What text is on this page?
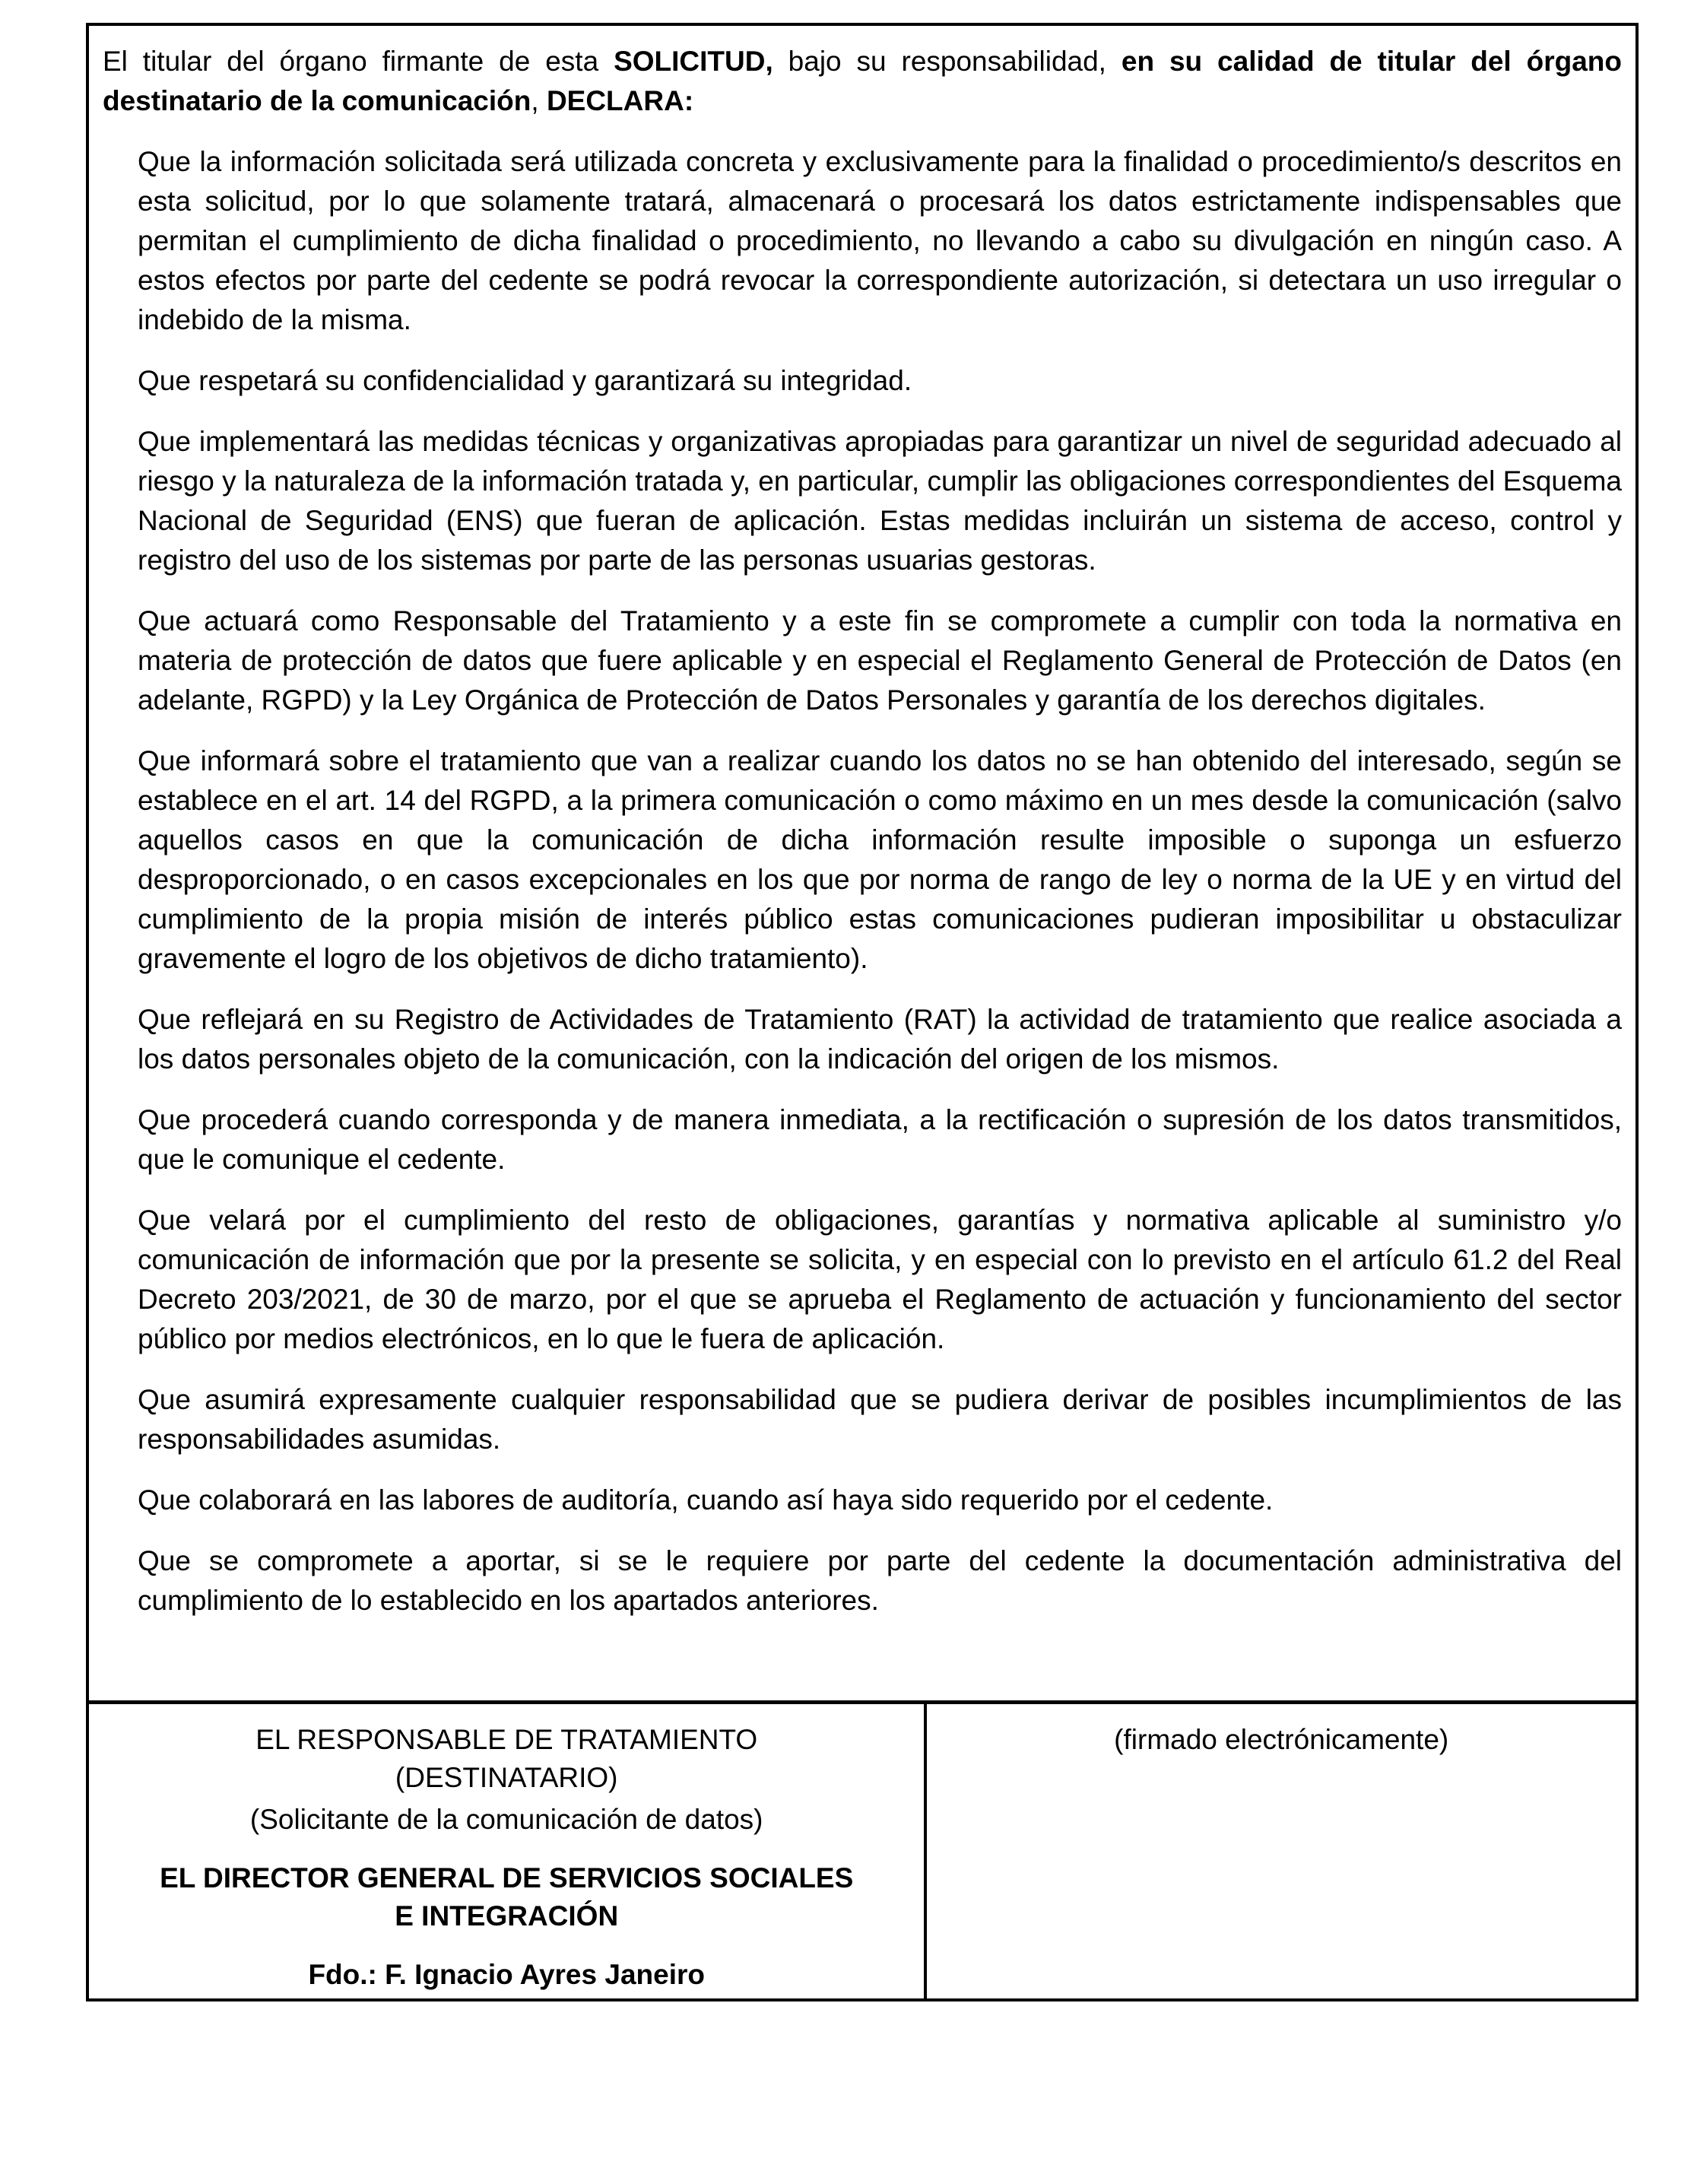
El titular del órgano firmante de esta SOLICITUD, bajo su responsabilidad, en su calidad de titular del órgano destinatario de la comunicación, DECLARA:

Que la información solicitada será utilizada concreta y exclusivamente para la finalidad o procedimiento/s descritos en esta solicitud, por lo que solamente tratará, almacenará o procesará los datos estrictamente indispensables que permitan el cumplimiento de dicha finalidad o procedimiento, no llevando a cabo su divulgación en ningún caso. A estos efectos por parte del cedente se podrá revocar la correspondiente autorización, si detectara un uso irregular o indebido de la misma.

Que respetará su confidencialidad y garantizará su integridad.

Que implementará las medidas técnicas y organizativas apropiadas para garantizar un nivel de seguridad adecuado al riesgo y la naturaleza de la información tratada y, en particular, cumplir las obligaciones correspondientes del Esquema Nacional de Seguridad (ENS) que fueran de aplicación. Estas medidas incluirán un sistema de acceso, control y registro del uso de los sistemas por parte de las personas usuarias gestoras.

Que actuará como Responsable del Tratamiento y a este fin se compromete a cumplir con toda la normativa en materia de protección de datos que fuere aplicable y en especial el Reglamento General de Protección de Datos (en adelante, RGPD) y la Ley Orgánica de Protección de Datos Personales y garantía de los derechos digitales.

Que informará sobre el tratamiento que van a realizar cuando los datos no se han obtenido del interesado, según se establece en el art. 14 del RGPD, a la primera comunicación o como máximo en un mes desde la comunicación (salvo aquellos casos en que la comunicación de dicha información resulte imposible o suponga un esfuerzo desproporcionado, o en casos excepcionales en los que por norma de rango de ley o norma de la UE y en virtud del cumplimiento de la propia misión de interés público estas comunicaciones pudieran imposibilitar u obstaculizar gravemente el logro de los objetivos de dicho tratamiento).

Que reflejará en su Registro de Actividades de Tratamiento (RAT) la actividad de tratamiento que realice asociada a los datos personales objeto de la comunicación, con la indicación del origen de los mismos.

Que procederá cuando corresponda y de manera inmediata, a la rectificación o supresión de los datos transmitidos, que le comunique el cedente.

Que velará por el cumplimiento del resto de obligaciones, garantías y normativa aplicable al suministro y/o comunicación de información que por la presente se solicita, y en especial con lo previsto en el artículo 61.2 del Real Decreto 203/2021, de 30 de marzo, por el que se aprueba el Reglamento de actuación y funcionamiento del sector público por medios electrónicos, en lo que le fuera de aplicación.

Que asumirá expresamente cualquier responsabilidad que se pudiera derivar de posibles incumplimientos de las responsabilidades asumidas.

Que colaborará en las labores de auditoría, cuando así haya sido requerido por el cedente.

Que se compromete a aportar, si se le requiere por parte del cedente la documentación administrativa del cumplimiento de lo establecido en los apartados anteriores.

EL RESPONSABLE DE TRATAMIENTO

(DESTINATARIO)

(Solicitante de la comunicación de datos)

EL DIRECTOR GENERAL DE SERVICIOS SOCIALES E INTEGRACIÓN

Fdo.: F. Ignacio Ayres Janeiro

(firmado electrónicamente)
